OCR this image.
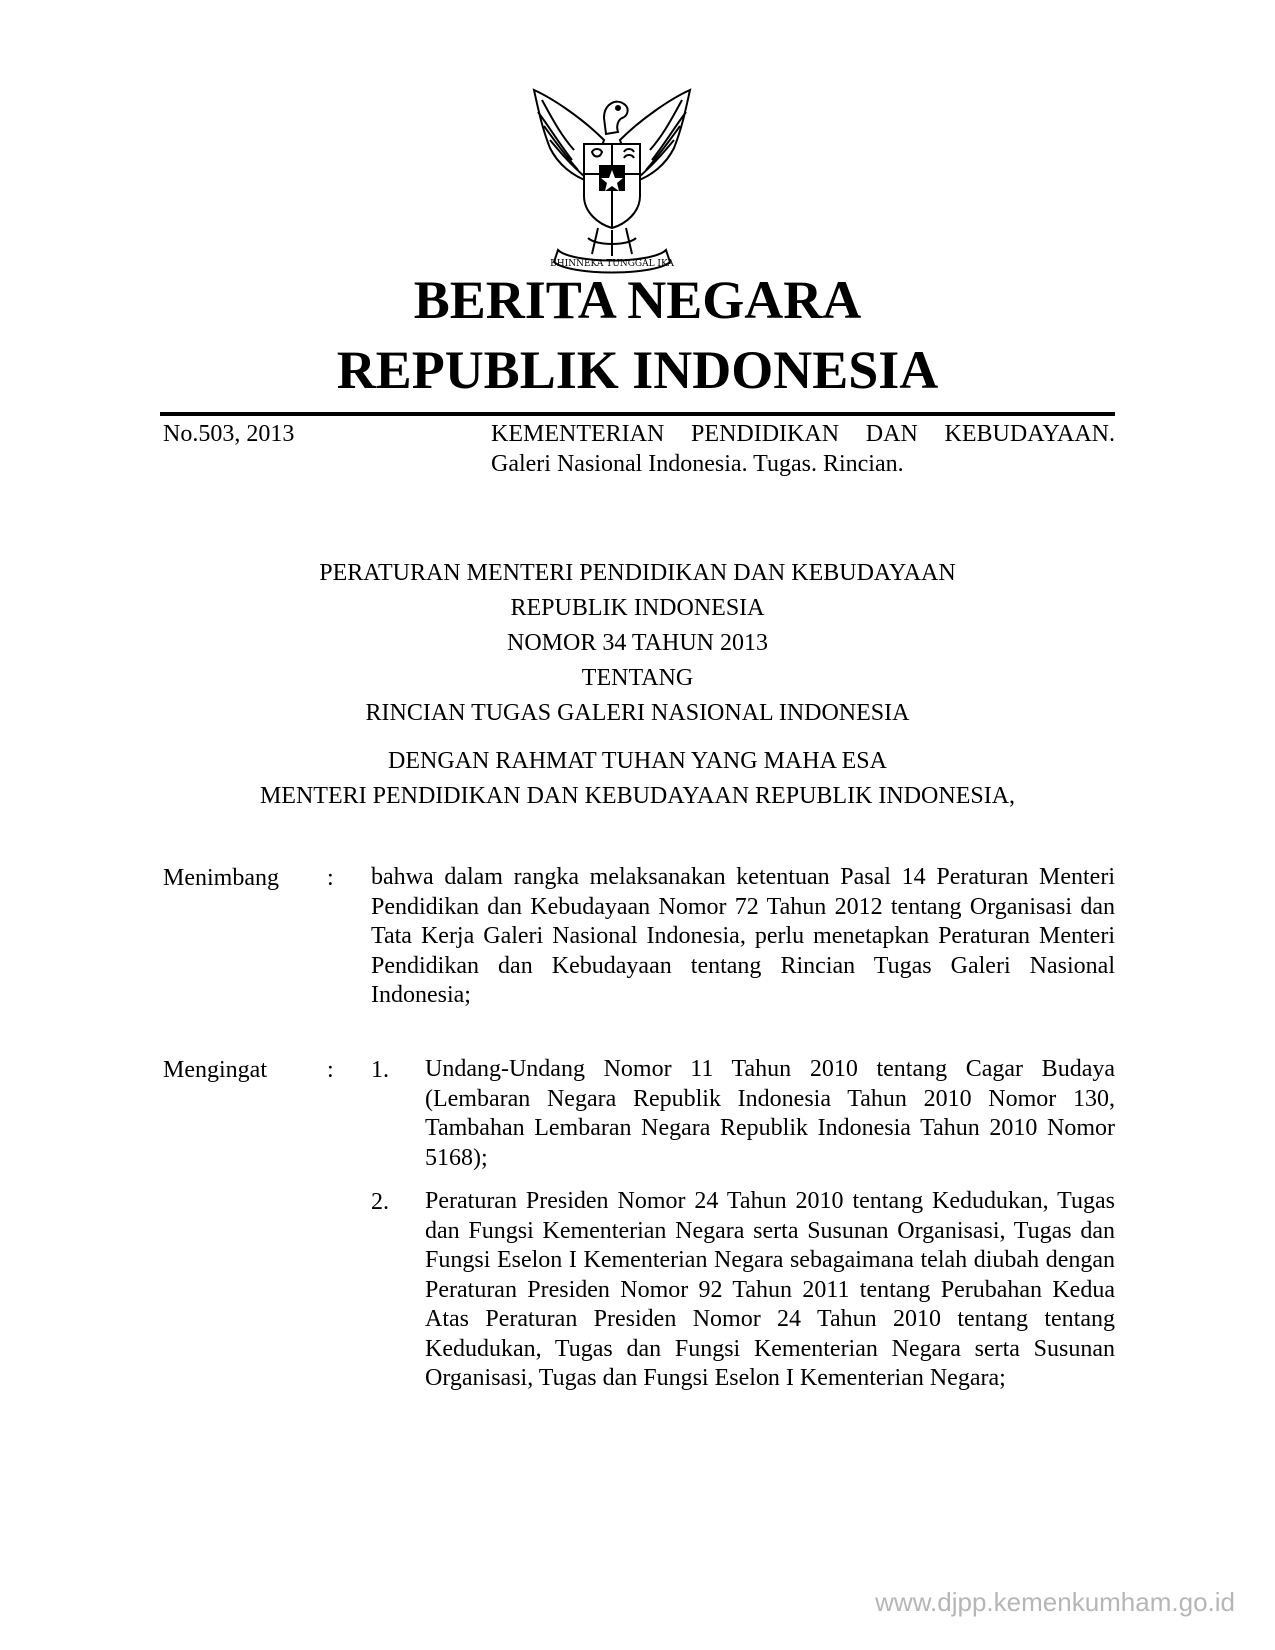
BHINNEKA TUNGGAL IKA
BERITA NEGARA
REPUBLIK INDONESIA
No.503, 2013	KEMENTERIAN PENDIDIKAN DAN KEBUDAYAAN. Galeri Nasional Indonesia. Tugas. Rincian.
PERATURAN MENTERI PENDIDIKAN DAN KEBUDAYAAN
REPUBLIK INDONESIA
NOMOR 34 TAHUN 2013
TENTANG
RINCIAN TUGAS GALERI NASIONAL INDONESIA
DENGAN RAHMAT TUHAN YANG MAHA ESA
MENTERI PENDIDIKAN DAN KEBUDAYAAN REPUBLIK INDONESIA,
Menimbang : bahwa dalam rangka melaksanakan ketentuan Pasal 14 Peraturan Menteri Pendidikan dan Kebudayaan Nomor 72 Tahun 2012 tentang Organisasi dan Tata Kerja Galeri Nasional Indonesia, perlu menetapkan Peraturan Menteri Pendidikan dan Kebudayaan tentang Rincian Tugas Galeri Nasional Indonesia;
Mengingat	: 1. Undang-Undang Nomor 11 Tahun 2010 tentang Cagar Budaya (Lembaran Negara Republik Indonesia Tahun 2010 Nomor 130, Tambahan Lembaran Negara Republik Indonesia Tahun 2010 Nomor 5168);
2. Peraturan Presiden Nomor 24 Tahun 2010 tentang Kedudukan, Tugas dan Fungsi Kementerian Negara serta Susunan Organisasi, Tugas dan Fungsi Eselon I Kementerian Negara sebagaimana telah diubah dengan Peraturan Presiden Nomor 92 Tahun 2011 tentang Perubahan Kedua Atas Peraturan Presiden Nomor 24 Tahun 2010 tentang tentang Kedudukan, Tugas dan Fungsi Kementerian Negara serta Susunan Organisasi, Tugas dan Fungsi Eselon I Kementerian Negara;
www.djpp.kemenkumham.go.id
